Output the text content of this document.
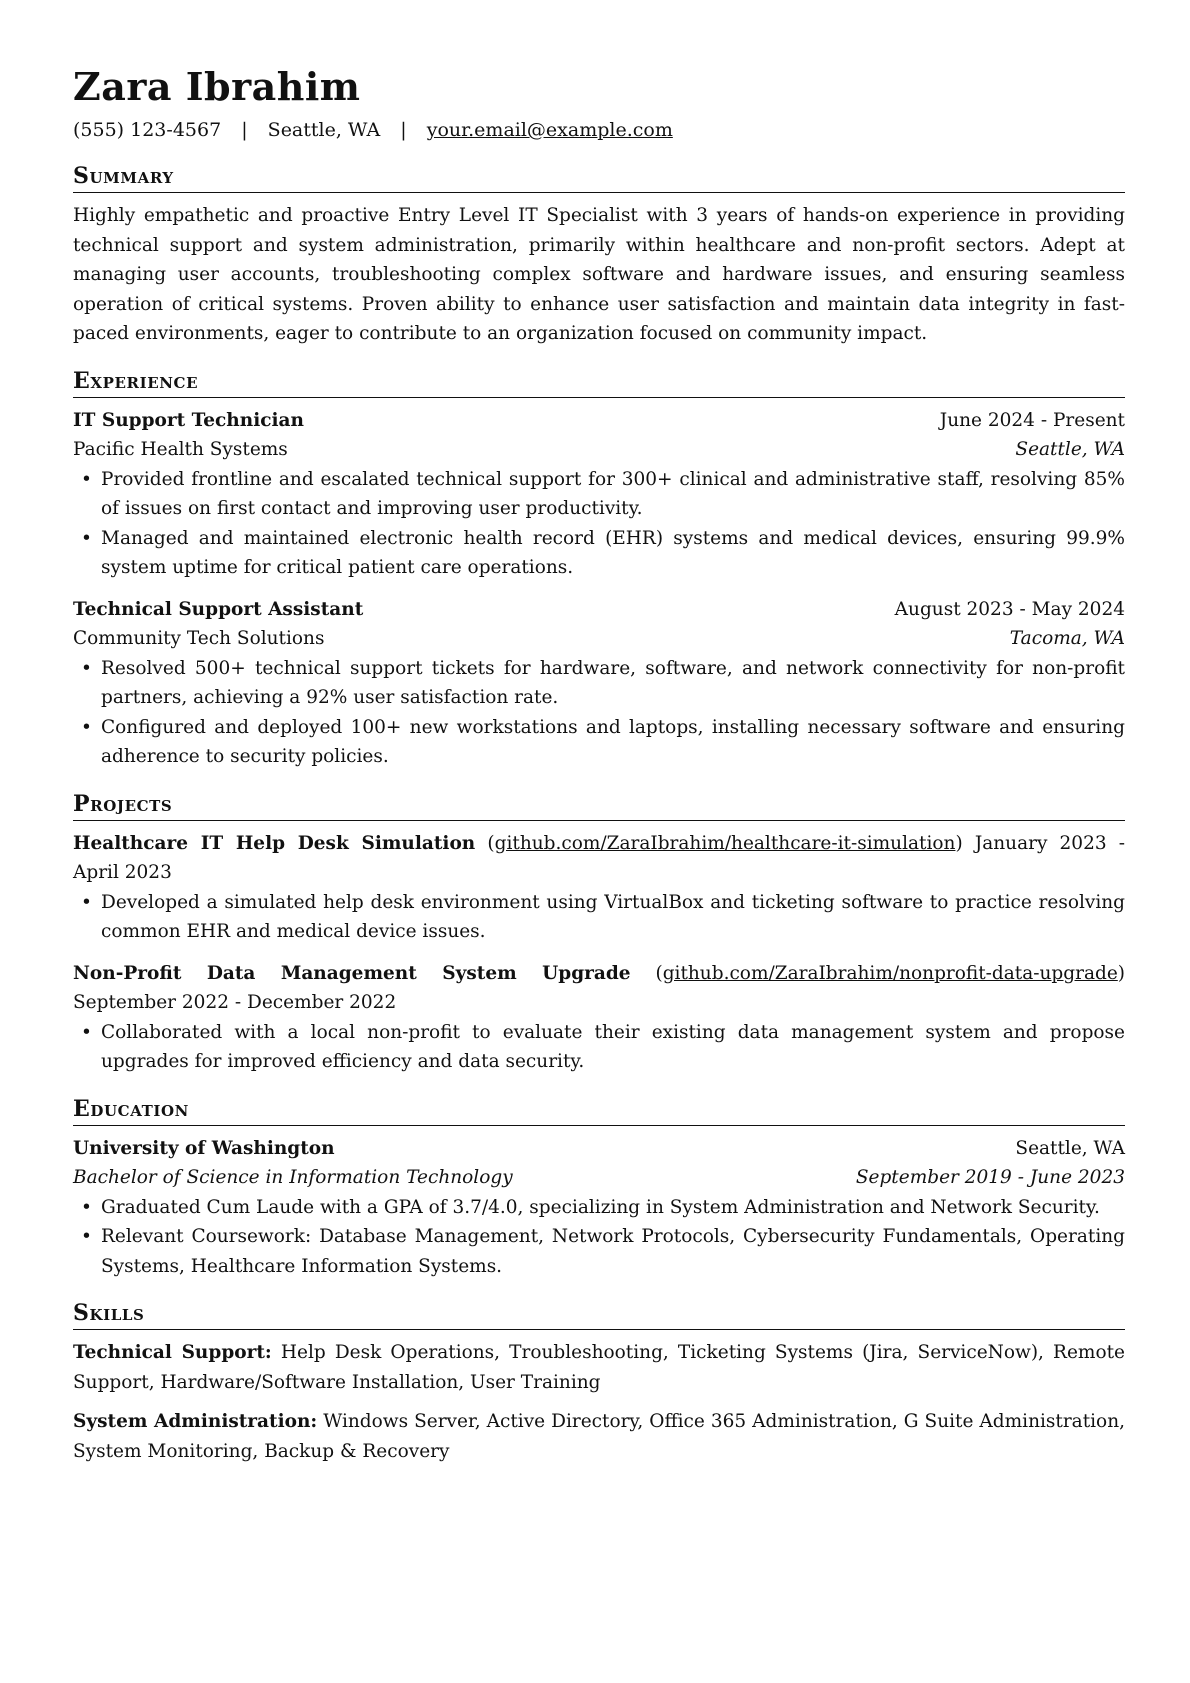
Zara Ibrahim
(555) 123-4567 | Seattle, WA | your.email@example.com
Summary
Highly empathetic and proactive Entry Level IT Specialist with 3 years of hands-on experience in providing technical support and system administration, primarily within healthcare and non-profit sectors. Adept at managing user accounts, troubleshooting complex software and hardware issues, and ensuring seamless operation of critical systems. Proven ability to enhance user satisfaction and maintain data integrity in fast-paced environments, eager to contribute to an organization focused on community impact.
Experience
IT Support Technician	June 2024 - Present
Pacific Health Systems	Seattle, WA
• Provided frontline and escalated technical support for 300+ clinical and administrative staff, resolving 85% of issues on first contact and improving user productivity.
• Managed and maintained electronic health record (EHR) systems and medical devices, ensuring 99.9% system uptime for critical patient care operations.
Technical Support Assistant	August 2023 - May 2024
Community Tech Solutions	Tacoma, WA
• Resolved 500+ technical support tickets for hardware, software, and network connectivity for non-profit partners, achieving a 92% user satisfaction rate.
• Configured and deployed 100+ new workstations and laptops, installing necessary software and ensuring adherence to security policies.
Projects
Healthcare IT Help Desk Simulation (github.com/ZaraIbrahim/healthcare-it-simulation) January 2023 - April 2023
• Developed a simulated help desk environment using VirtualBox and ticketing software to practice resolving common EHR and medical device issues.
Non-Profit Data Management System Upgrade (github.com/ZaraIbrahim/nonprofit-data-upgrade) September 2022 - December 2022
• Collaborated with a local non-profit to evaluate their existing data management system and propose upgrades for improved efficiency and data security.
Education
University of Washington	Seattle, WA
Bachelor of Science in Information Technology	September 2019 - June 2023
• Graduated Cum Laude with a GPA of 3.7/4.0, specializing in System Administration and Network Security.
• Relevant Coursework: Database Management, Network Protocols, Cybersecurity Fundamentals, Operating Systems, Healthcare Information Systems.
Skills
Technical Support: Help Desk Operations, Troubleshooting, Ticketing Systems (Jira, ServiceNow), Remote Support, Hardware/Software Installation, User Training
System Administration: Windows Server, Active Directory, Office 365 Administration, G Suite Administration, System Monitoring, Backup & Recovery
